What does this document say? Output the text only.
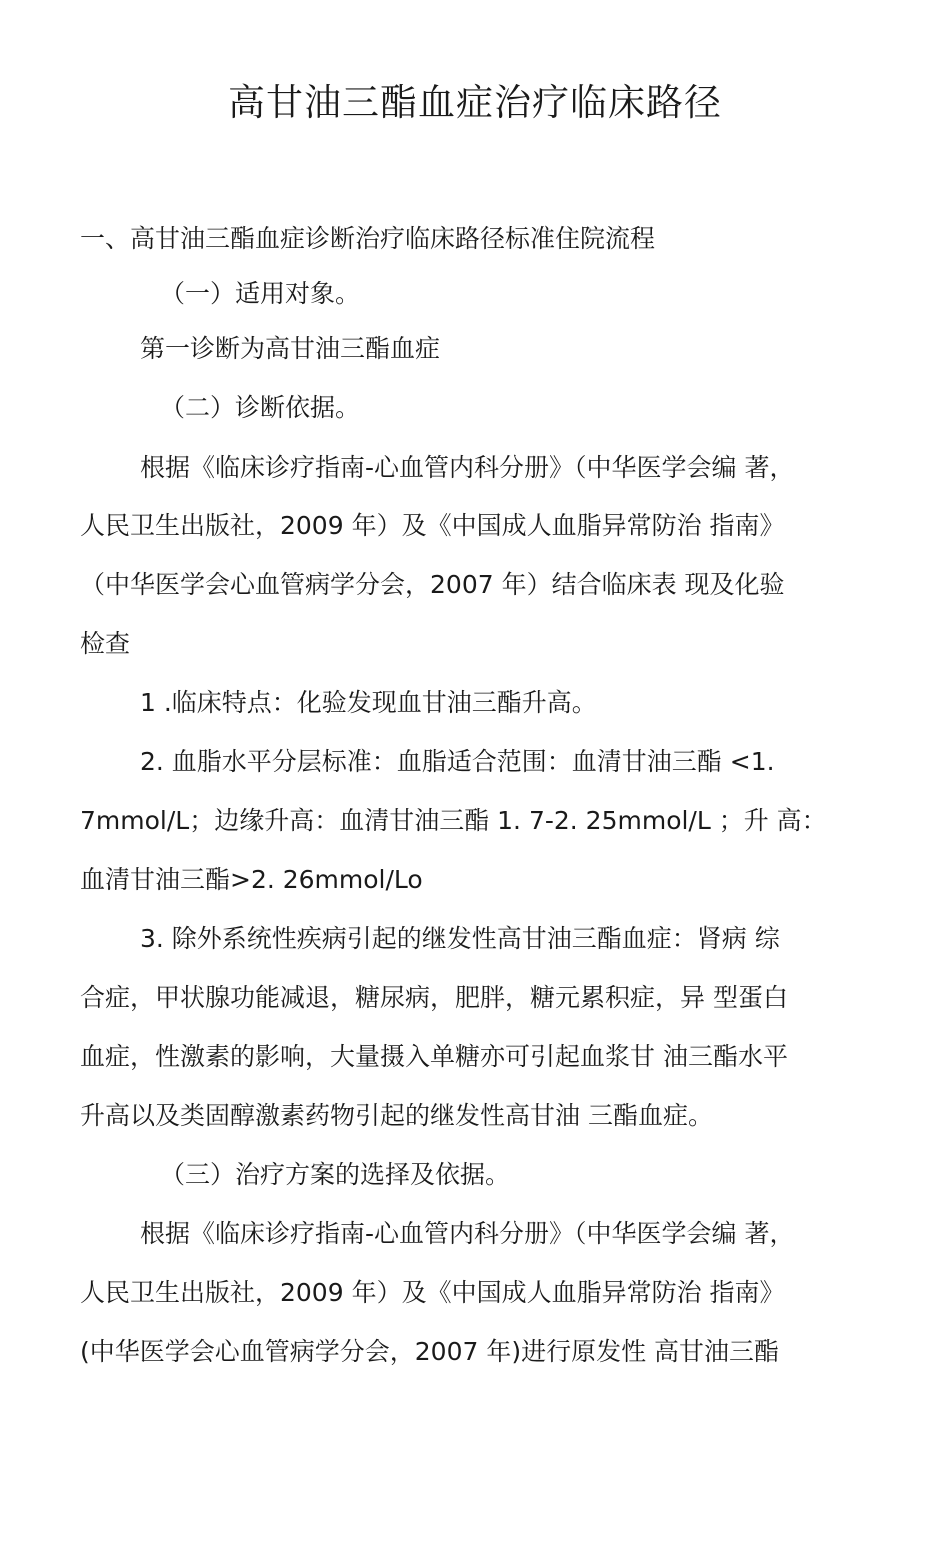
高甘油三酯血症治疗临床路径
一、高甘油三酯血症诊断治疗临床路径标准住院流程
（一）适用对象。
第一诊断为高甘油三酯血症
（二）诊断依据。
根据《临床诊疗指南-心血管内科分册》（中华医学会编 著，
人民卫生出版社，2009 年）及《中国成人血脂异常防治 指南》
（中华医学会心血管病学分会，2007 年）结合临床表 现及化验
检查
1 .临床特点：化验发现血甘油三酯升高。
2. 血脂水平分层标准：血脂适合范围：血清甘油三酯 <1.
7mmol/L；边缘升高：血清甘油三酯 1. 7-2. 25mmol/L ；升 高：
血清甘油三酯>2. 26mmol/Lo
3. 除外系统性疾病引起的继发性高甘油三酯血症：肾病 综
合症，甲状腺功能减退，糖尿病，肥胖，糖元累积症，异 型蛋白
血症，性激素的影响，大量摄入单糖亦可引起血浆甘 油三酯水平
升高以及类固醇激素药物引起的继发性高甘油 三酯血症。
（三）治疗方案的选择及依据。
根据《临床诊疗指南-心血管内科分册》（中华医学会编 著，
人民卫生出版社，2009 年）及《中国成人血脂异常防治 指南》
(中华医学会心血管病学分会，2007 年)进行原发性 高甘油三酯
